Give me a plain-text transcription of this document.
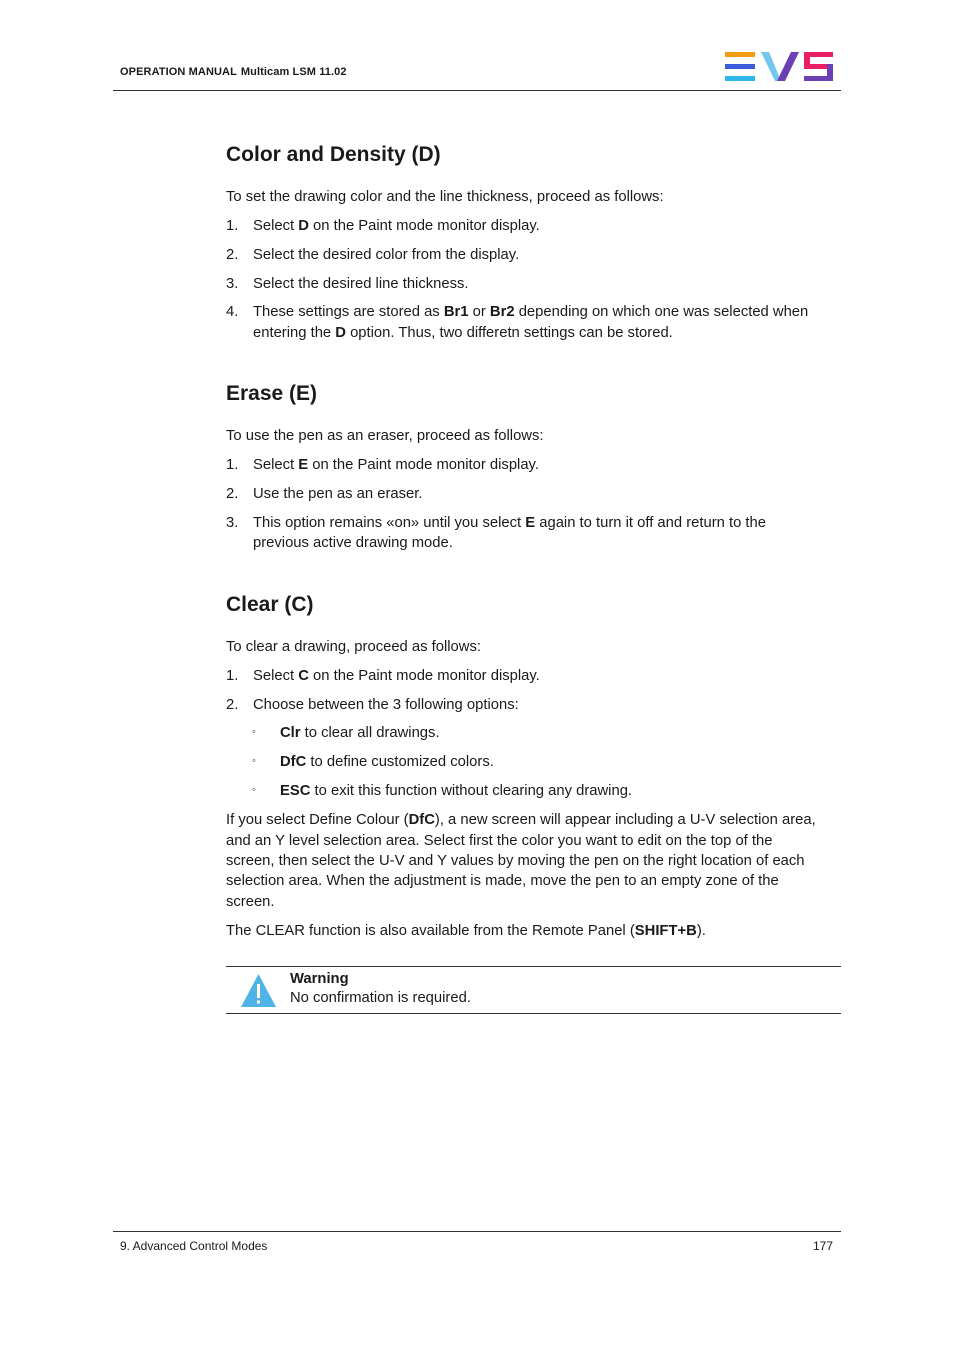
OPERATION MANUAL Multicam LSM 11.02
Color and Density (D)

To set the drawing color and the line thickness, proceed as follows:

1. Select D on the Paint mode monitor display.
2. Select the desired color from the display.
3. Select the desired line thickness.
4. These settings are stored as Br1 or Br2 depending on which one was selected when
entering the D option. Thus, two differetn settings can be stored.
Erase (E)

To use the pen as an eraser, proceed as follows:

1. Select E on the Paint mode monitor display.
2. Use the pen as an eraser.
3. This option remains «on» until you select E again to turn it off and return to the
previous active drawing mode.
Clear (C)

To clear a drawing, proceed as follows:

1. Select C on the Paint mode monitor display.
2. Choose between the 3 following options:
◦ Clr to clear all drawings.
◦ DfC to define customized colors.
◦ ESC to exit this function without clearing any drawing.

If you select Define Colour (DfC), a new screen will appear including a U-V selection area,

and an Y level selection area. Select first the color you want to edit on the top of the

screen, then select the U-V and Y values by moving the pen on the right location of each

selection area. When the adjustment is made, move the pen to an empty zone of the

screen.

The CLEAR function is also available from the Remote Panel (SHIFT+B).

Warning
No confirmation is required.
9. Advanced Control Modes	177
